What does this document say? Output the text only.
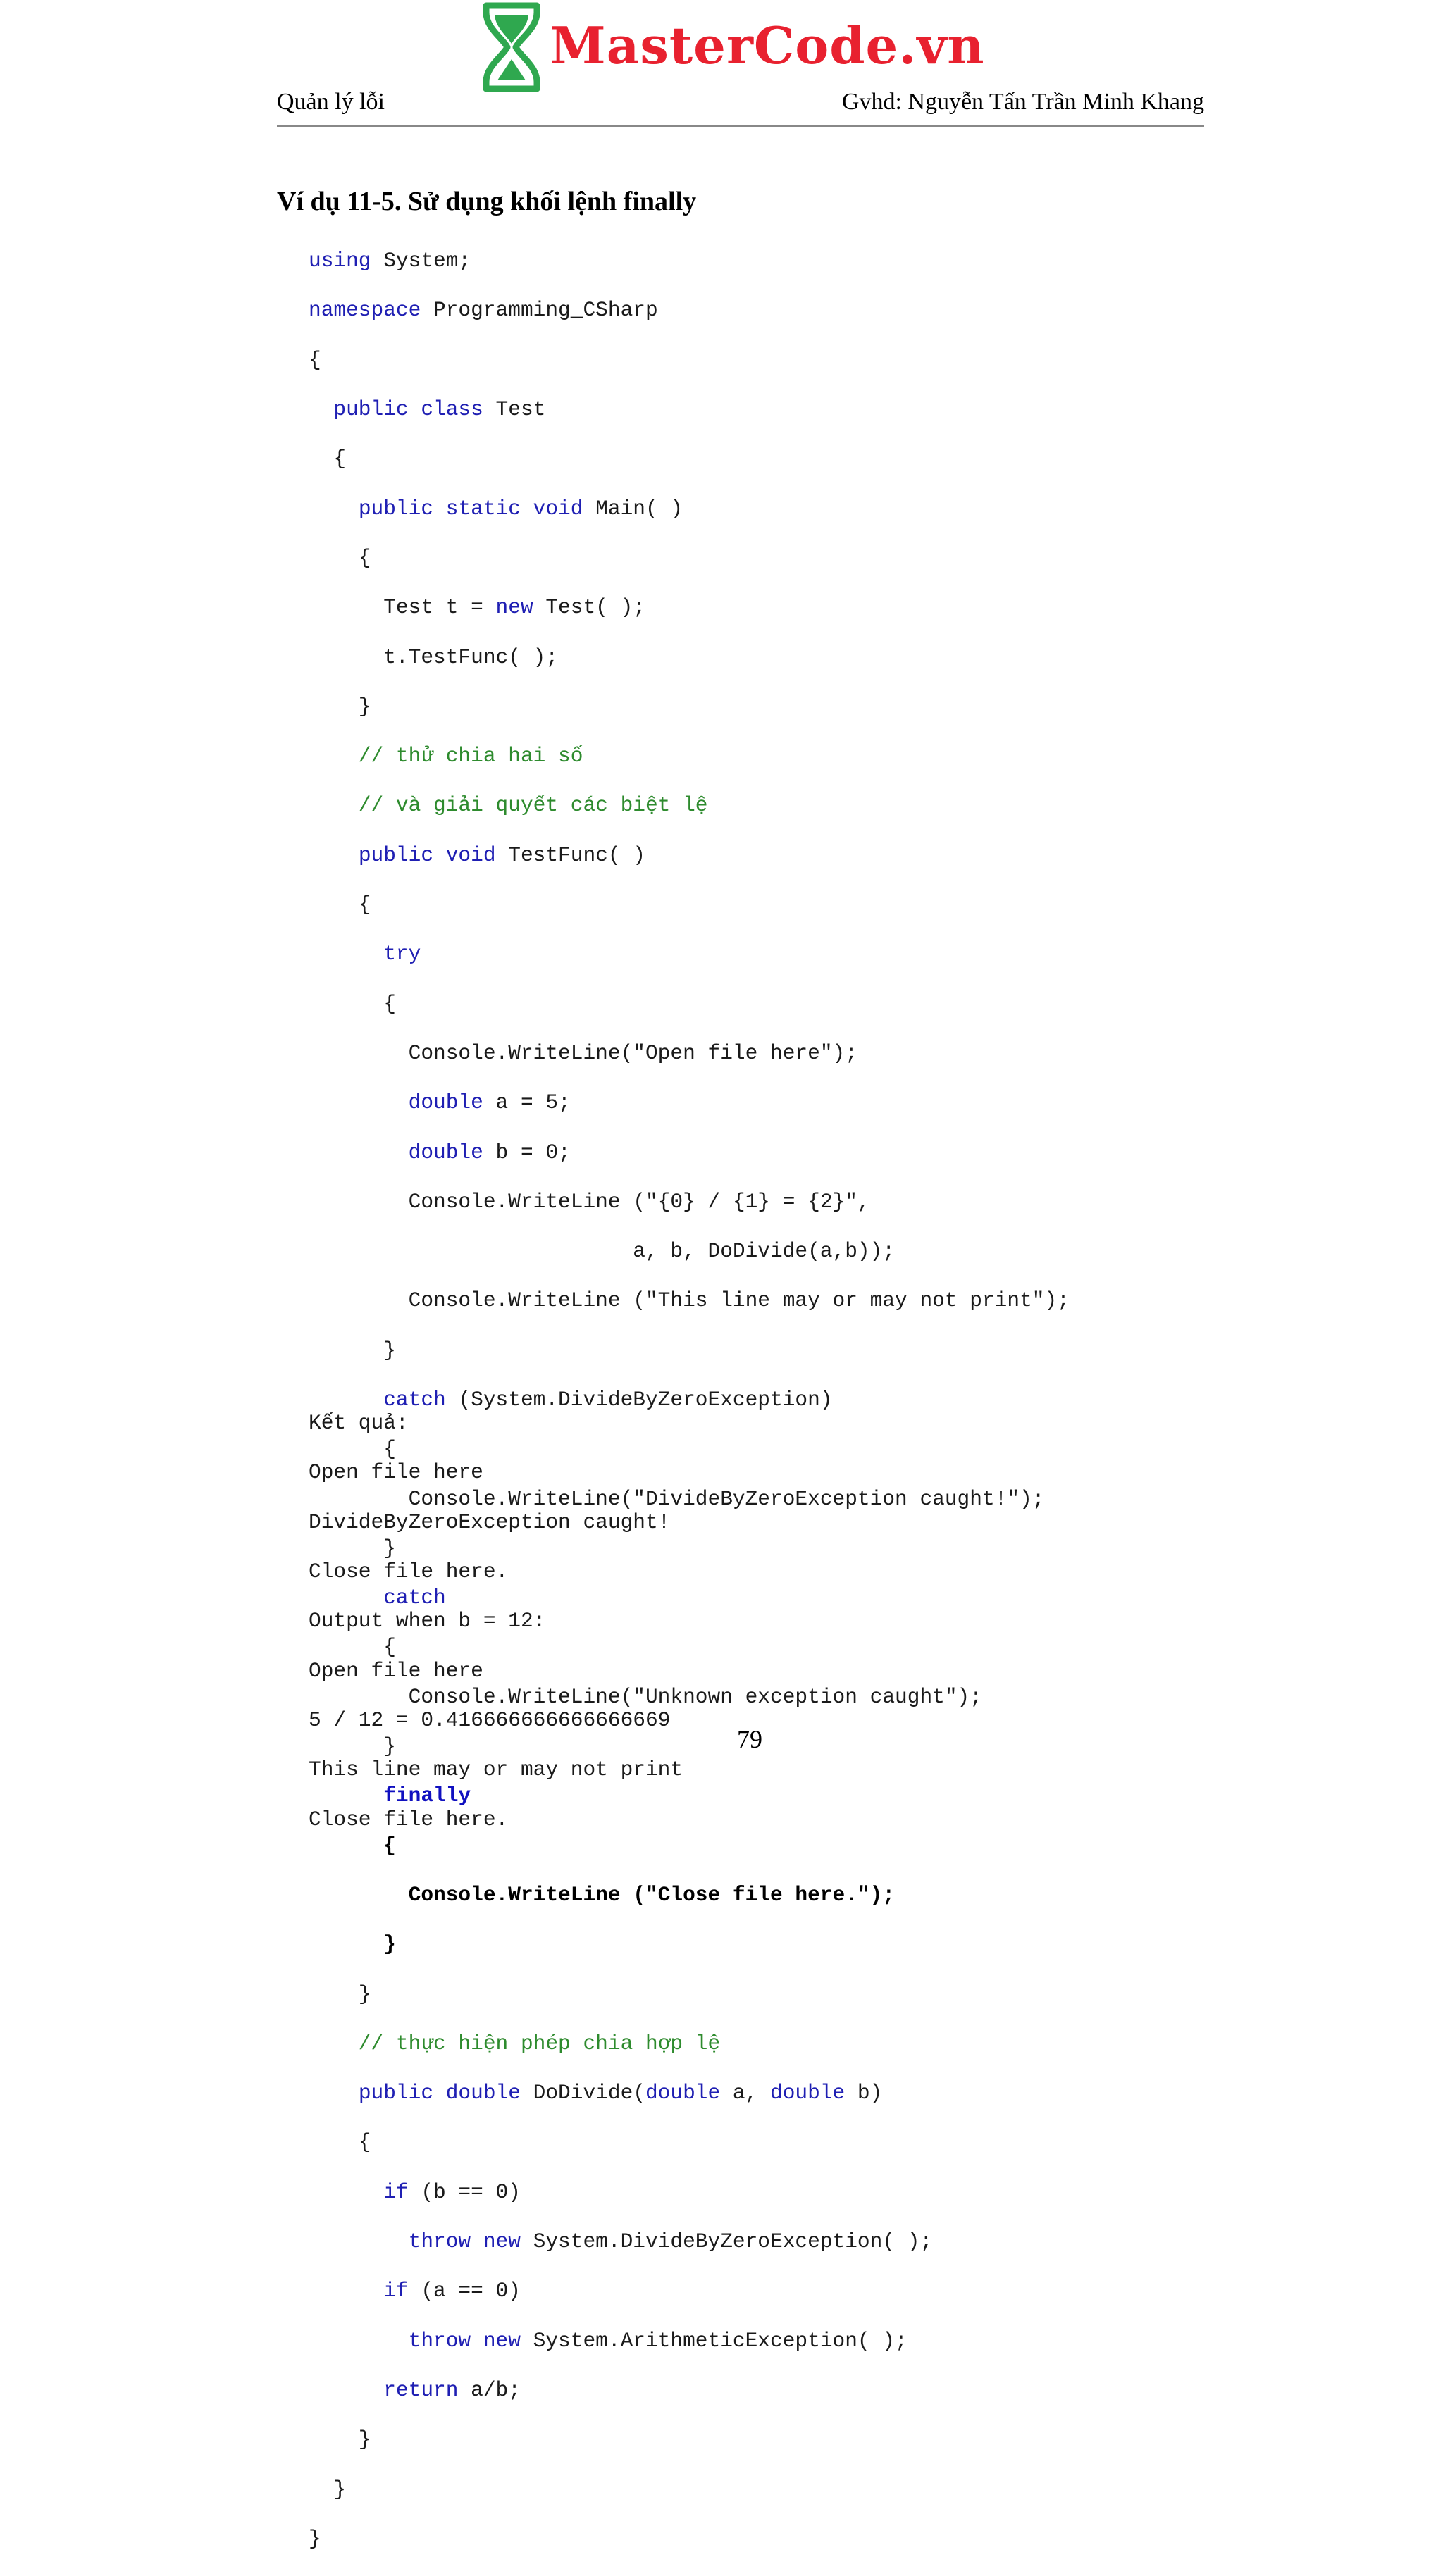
MasterCode.vn
Quản lý lỗi	Gvhd: Nguyễn Tấn Trần Minh Khang
Ví dụ 11-5. Sử dụng khối lệnh finally

using System;

namespace Programming_CSharp

{

public class Test

{

public static void Main( )

{

Test t = new Test( );

t.TestFunc( );

}

// thử chia hai số

// và giải quyết các biệt lệ

public void TestFunc( )

{

try

{

Console.WriteLine("Open file here");

double a = 5;

double b = 0;

Console.WriteLine ("{0} / {1} = {2}",

a, b, DoDivide(a,b));

Console.WriteLine ("This line may or may not print");

}

catch (System.DivideByZeroException)

{

Console.WriteLine("DivideByZeroException caught!");

}

catch

{

Console.WriteLine("Unknown exception caught");

}

finally

{

Console.WriteLine ("Close file here.");

}

}

// thực hiện phép chia hợp lệ

public double DoDivide(double a, double b)

{

if (b == 0)

throw new System.DivideByZeroException( );

if (a == 0)

throw new System.ArithmeticException( );

return a/b;

}

}

}

Kết quả:

Open file here

DivideByZeroException caught!

Close file here.

Output when b = 12:

Open file here

5 / 12 = 0.416666666666666669

This line may or may not print

Close file here.

79
